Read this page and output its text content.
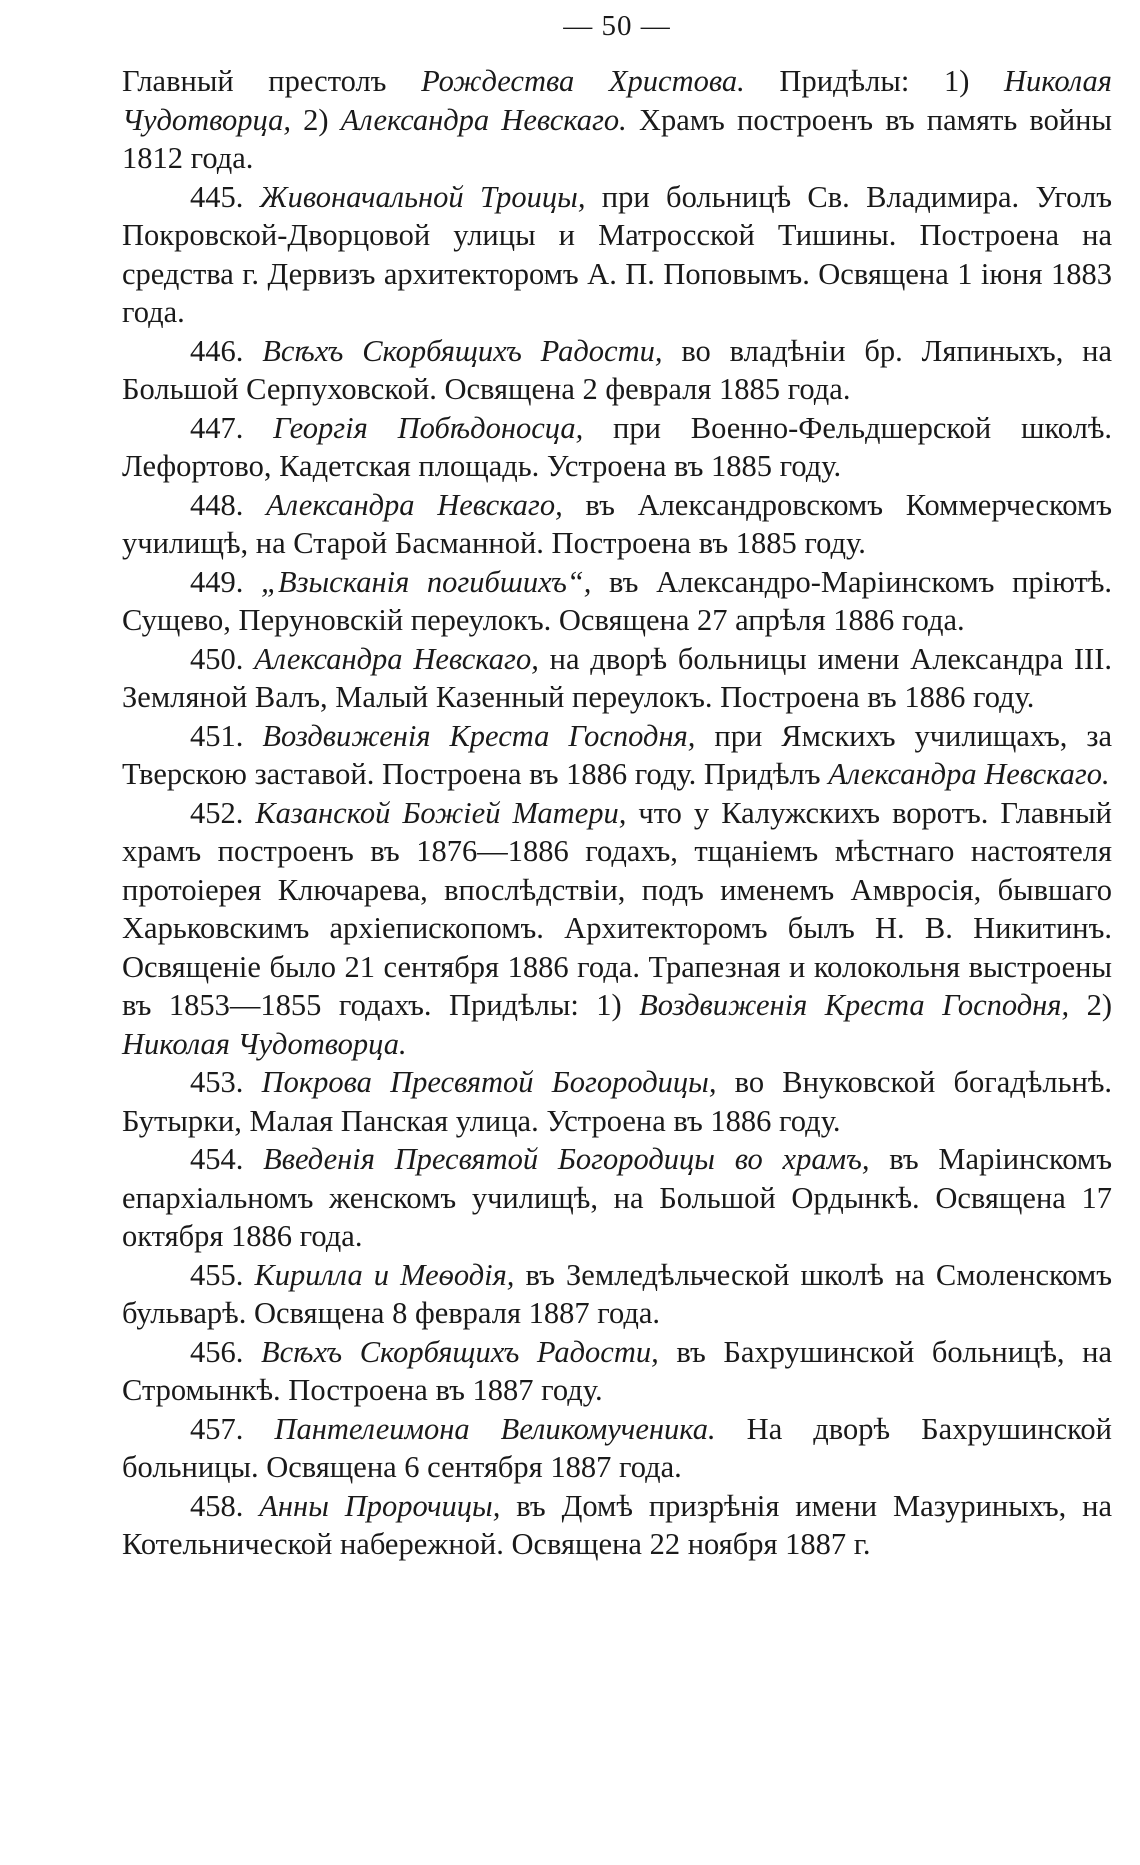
— 50 —

Главный престолъ Рождества Христова. Придѣлы: 1) Николая Чудотворца, 2) Александра Невскаго. Храмъ построенъ въ память войны 1812 года.

445. Живоначальной Троицы, при больницѣ Св. Владимира. Уголъ Покровской-Дворцовой улицы и Матросской Тишины. Построена на средства г. Дервизъ архитекторомъ А. П. Поповымъ. Освящена 1 іюня 1883 года.

446. Всѣхъ Скорбящихъ Радости, во владѣніи бр. Ляпиныхъ, на Большой Серпуховской. Освящена 2 февраля 1885 года.

447. Георгія Побѣдоносца, при Военно-Фельдшерской школѣ. Лефортово, Кадетская площадь. Устроена въ 1885 году.

448. Александра Невскаго, въ Александровскомъ Коммерческомъ училищѣ, на Старой Басманной. Построена въ 1885 году.

449. „Взысканія погибшихъ“, въ Александро-Маріинскомъ пріютѣ. Сущево, Перуновскій переулокъ. Освящена 27 апрѣля 1886 года.

450. Александра Невскаго, на дворѣ больницы имени Александра III. Земляной Валъ, Малый Казенный переулокъ. Построена въ 1886 году.

451. Воздвиженія Креста Господня, при Ямскихъ училищахъ, за Тверскою заставой. Построена въ 1886 году. Придѣлъ Александра Невскаго.

452. Казанской Божіей Матери, что у Калужскихъ воротъ. Главный храмъ построенъ въ 1876—1886 годахъ, тщаніемъ мѣстнаго настоятеля протоіерея Ключарева, впослѣдствіи, подъ именемъ Амвросія, бывшаго Харьковскимъ архіепископомъ. Архитекторомъ былъ Н. В. Никитинъ. Освященіе было 21 сентября 1886 года. Трапезная и колокольня выстроены въ 1853—1855 годахъ. Придѣлы: 1) Воздвиженія Креста Господня, 2) Николая Чудотворца.

453. Покрова Пресвятой Богородицы, во Внуковской богадѣльнѣ. Бутырки, Малая Панская улица. Устроена въ 1886 году.

454. Введенія Пресвятой Богородицы во храмъ, въ Маріинскомъ епархіальномъ женскомъ училищѣ, на Большой Ордынкѣ. Освящена 17 октября 1886 года.

455. Кирилла и Меѳодія, въ Земледѣльческой школѣ на Смоленскомъ бульварѣ. Освящена 8 февраля 1887 года.

456. Всѣхъ Скорбящихъ Радости, въ Бахрушинской больницѣ, на Стромынкѣ. Построена въ 1887 году.

457. Пантелеимона Великомученика. На дворѣ Бахрушинской больницы. Освящена 6 сентября 1887 года.

458. Анны Пророчицы, въ Домѣ призрѣнія имени Мазуриныхъ, на Котельнической набережной. Освящена 22 ноября 1887 г.
